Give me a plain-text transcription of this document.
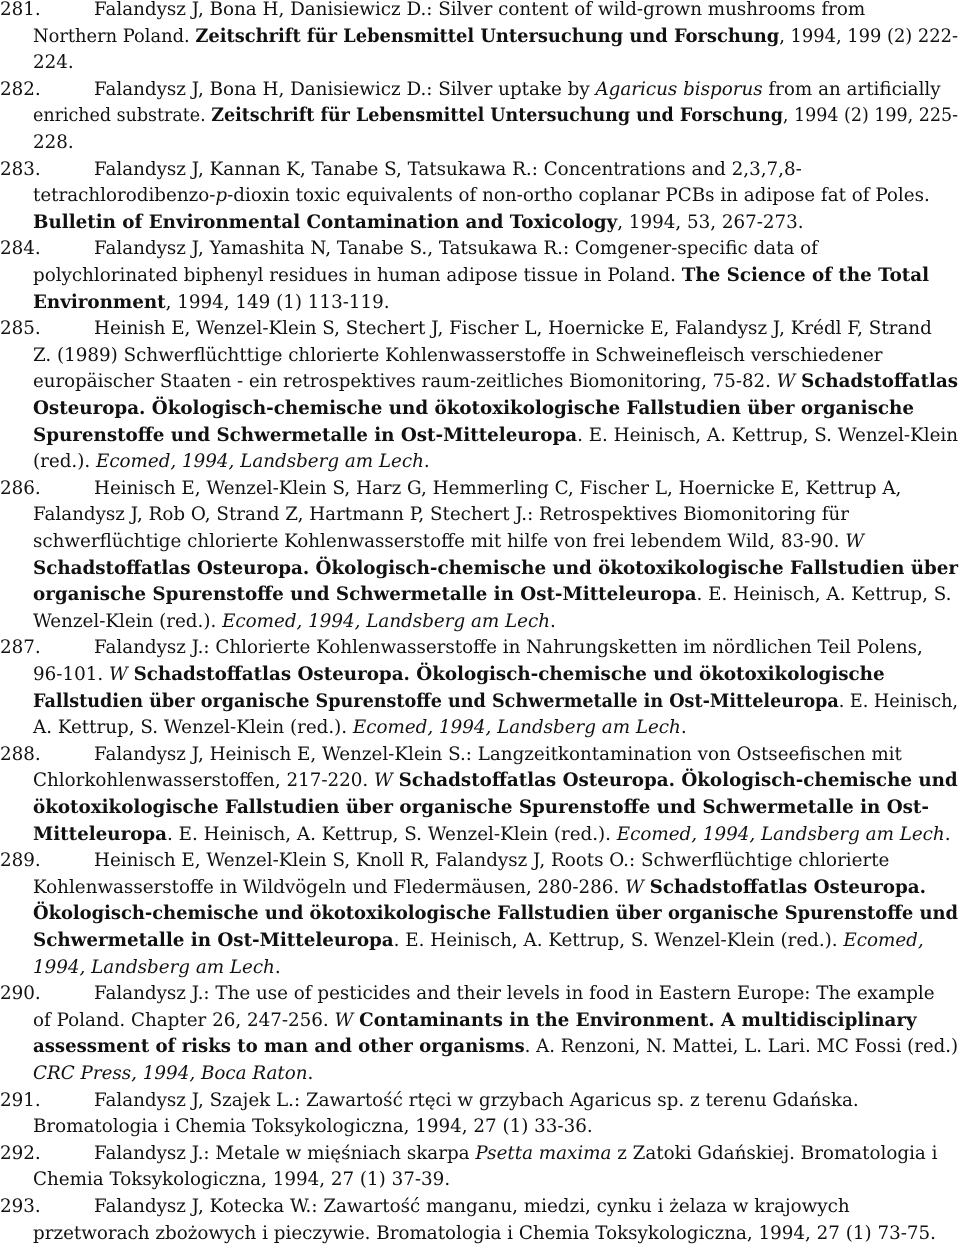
281.	Falandysz J, Bona H, Danisiewicz D.: Silver content of wild-grown mushrooms from
Northern Poland. Zeitschrift für Lebensmittel Untersuchung und Forschung, 1994, 199 (2) 222-
224.
282.	Falandysz J, Bona H, Danisiewicz D.: Silver uptake by Agaricus bisporus from an artificially
enriched substrate. Zeitschrift für Lebensmittel Untersuchung und Forschung, 1994 (2) 199, 225-
228.
283.	Falandysz J, Kannan K, Tanabe S, Tatsukawa R.: Concentrations and 2,3,7,8-
tetrachlorodibenzo-p-dioxin toxic equivalents of non-ortho coplanar PCBs in adipose fat of Poles.
Bulletin of Environmental Contamination and Toxicology, 1994, 53, 267-273.
284.	Falandysz J, Yamashita N, Tanabe S., Tatsukawa R.: Comgener-specific data of
polychlorinated biphenyl residues in human adipose tissue in Poland. The Science of the Total
Environment, 1994, 149 (1) 113-119.
285.	Heinish E, Wenzel-Klein S, Stechert J, Fischer L, Hoernicke E, Falandysz J, Krédl F, Strand
Z. (1989) Schwerflüchttige chlorierte Kohlenwasserstoffe in Schweinefleisch verschiedener
europäischer Staaten - ein retrospektives raum-zeitliches Biomonitoring, 75-82. W Schadstoffatlas
Osteuropa. Ökologisch-chemische und ökotoxikologische Fallstudien über organische
Spurenstoffe und Schwermetalle in Ost-Mitteleuropa. E. Heinisch, A. Kettrup, S. Wenzel-Klein
(red.). Ecomed, 1994, Landsberg am Lech.
286.	Heinisch E, Wenzel-Klein S, Harz G, Hemmerling C, Fischer L, Hoernicke E, Kettrup A,
Falandysz J, Rob O, Strand Z, Hartmann P, Stechert J.: Retrospektives Biomonitoring für
schwerflüchtige chlorierte Kohlenwasserstoffe mit hilfe von frei lebendem Wild, 83-90. W
Schadstoffatlas Osteuropa. Ökologisch-chemische und ökotoxikologische Fallstudien über
organische Spurenstoffe und Schwermetalle in Ost-Mitteleuropa. E. Heinisch, A. Kettrup, S.
Wenzel-Klein (red.). Ecomed, 1994, Landsberg am Lech.
287.	Falandysz J.: Chlorierte Kohlenwasserstoffe in Nahrungsketten im nördlichen Teil Polens,
96-101. W Schadstoffatlas Osteuropa. Ökologisch-chemische und ökotoxikologische
Fallstudien über organische Spurenstoffe und Schwermetalle in Ost-Mitteleuropa. E. Heinisch,
A. Kettrup, S. Wenzel-Klein (red.). Ecomed, 1994, Landsberg am Lech.
288.	Falandysz J, Heinisch E, Wenzel-Klein S.: Langzeitkontamination von Ostseefischen mit
Chlorkohlenwasserstoffen, 217-220. W Schadstoffatlas Osteuropa. Ökologisch-chemische und
ökotoxikologische Fallstudien über organische Spurenstoffe und Schwermetalle in Ost-
Mitteleuropa. E. Heinisch, A. Kettrup, S. Wenzel-Klein (red.). Ecomed, 1994, Landsberg am Lech.
289.	Heinisch E, Wenzel-Klein S, Knoll R, Falandysz J, Roots O.: Schwerflüchtige chlorierte
Kohlenwasserstoffe in Wildvögeln und Fledermäusen, 280-286. W Schadstoffatlas Osteuropa.
Ökologisch-chemische und ökotoxikologische Fallstudien über organische Spurenstoffe und
Schwermetalle in Ost-Mitteleuropa. E. Heinisch, A. Kettrup, S. Wenzel-Klein (red.). Ecomed,
1994, Landsberg am Lech.
290.	Falandysz J.: The use of pesticides and their levels in food in Eastern Europe: The example
of Poland. Chapter 26, 247-256. W Contaminants in the Environment. A multidisciplinary
assessment of risks to man and other organisms. A. Renzoni, N. Mattei, L. Lari. MC Fossi (red.)
CRC Press, 1994, Boca Raton.
291.	Falandysz J, Szajek L.: Zawartość rtęci w grzybach Agaricus sp. z terenu Gdańska.
Bromatologia i Chemia Toksykologiczna, 1994, 27 (1) 33-36.
292.	Falandysz J.: Metale w mięśniach skarpa Psetta maxima z Zatoki Gdańskiej. Bromatologia i
Chemia Toksykologiczna, 1994, 27 (1) 37-39.
293.	Falandysz J, Kotecka W.: Zawartość manganu, miedzi, cynku i żelaza w krajowych
przetworach zbożowych i pieczywie. Bromatologia i Chemia Toksykologiczna, 1994, 27 (1) 73-75.
